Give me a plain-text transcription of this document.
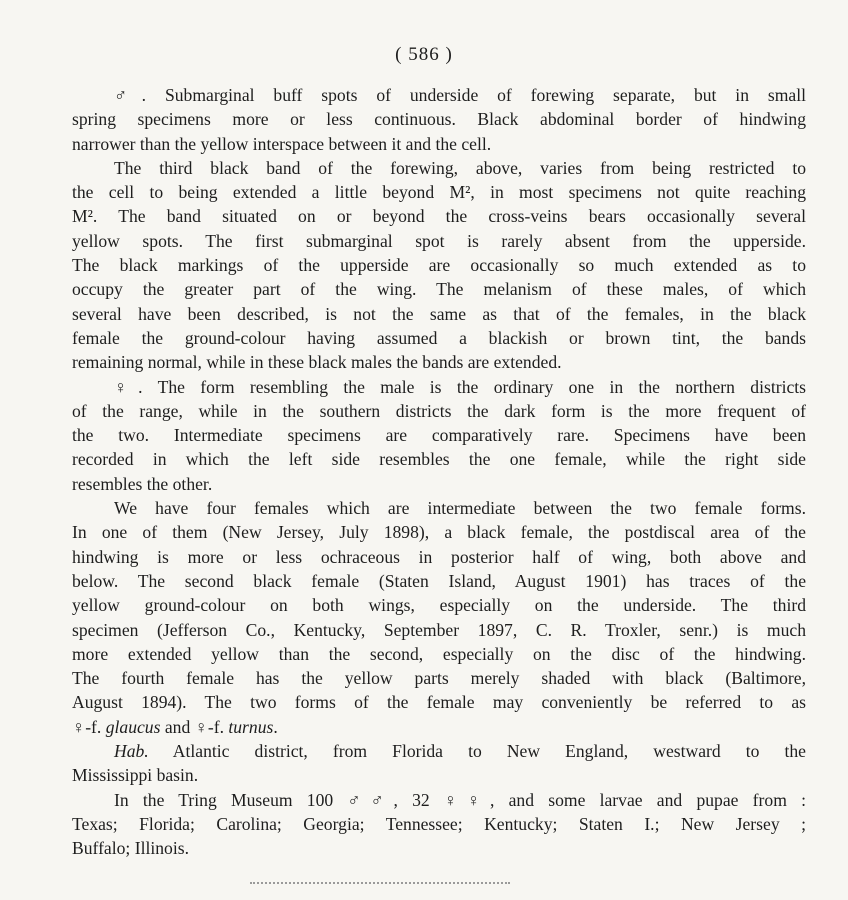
( 586 )
♂. Submarginal buff spots of underside of forewing separate, but in small
spring specimens more or less continuous. Black abdominal border of hindwing
narrower than the yellow interspace between it and the cell.
The third black band of the forewing, above, varies from being restricted to
the cell to being extended a little beyond M², in most specimens not quite reaching
M². The band situated on or beyond the cross-veins bears occasionally several
yellow spots. The first submarginal spot is rarely absent from the upperside.
The black markings of the upperside are occasionally so much extended as to
occupy the greater part of the wing. The melanism of these males, of which
several have been described, is not the same as that of the females, in the black
female the ground-colour having assumed a blackish or brown tint, the bands
remaining normal, while in these black males the bands are extended.
♀. The form resembling the male is the ordinary one in the northern districts
of the range, while in the southern districts the dark form is the more frequent of
the two. Intermediate specimens are comparatively rare. Specimens have been
recorded in which the left side resembles the one female, while the right side
resembles the other.
We have four females which are intermediate between the two female forms.
In one of them (New Jersey, July 1898), a black female, the postdiscal area of the
hindwing is more or less ochraceous in posterior half of wing, both above and
below. The second black female (Staten Island, August 1901) has traces of the
yellow ground-colour on both wings, especially on the underside. The third
specimen (Jefferson Co., Kentucky, September 1897, C. R. Troxler, senr.) is much
more extended yellow than the second, especially on the disc of the hindwing.
The fourth female has the yellow parts merely shaded with black (Baltimore,
August 1894). The two forms of the female may conveniently be referred to as
♀-f. glaucus and ♀-f. turnus.
Hab. Atlantic district, from Florida to New England, westward to the
Mississippi basin.
In the Tring Museum 100 ♂♂, 32 ♀♀, and some larvae and pupae from :
Texas; Florida; Carolina; Georgia; Tennessee; Kentucky; Staten I.; New Jersey ;
Buffalo; Illinois.
